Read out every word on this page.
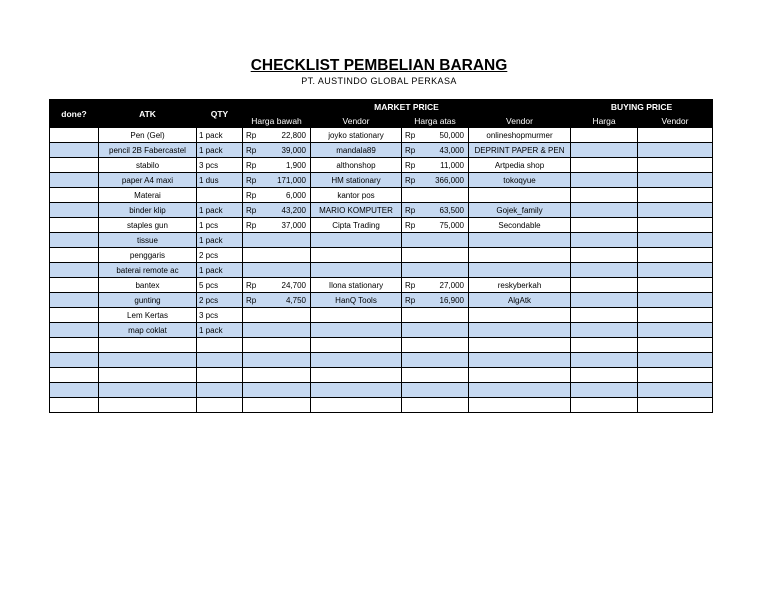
CHECKLIST PEMBELIAN BARANG
PT. AUSTINDO GLOBAL PERKASA
done?	ATK	QTY	MARKET PRICE				BUYING PRICE	
			Harga bawah	Vendor	Harga atas	Vendor	Harga	Vendor
	Pen (Gel)	1 pack	Rp 22,800	joyko stationary	Rp 50,000	onlineshopmurmer		
	pencil 2B Fabercastel	1 pack	Rp 39,000	mandala89	Rp 43,000	DEPRINT PAPER & PEN		
	stabilo	3 pcs	Rp 1,900	althonshop	Rp 11,000	Artpedia shop		
	paper A4 maxi	1 dus	Rp 171,000	HM stationary	Rp 366,000	tokoqyue		
	Materai		Rp 6,000	kantor pos	

	binder klip	1 pack	Rp 43,200	MARIO KOMPUTER	Rp 63,500	Gojek_family		
	staples gun	1 pcs	Rp 37,000	Cipta Trading	Rp 75,000	Secondable		
	tissue	1 pack	

	penggaris	2 pcs	

	baterai remote ac	1 pack	

	bantex	5 pcs	Rp 24,700	Ilona stationary	Rp 27,000	reskyberkah		
	gunting	2 pcs	Rp 4,750	HanQ Tools	Rp 16,900	AlgAtk		
	Lem Kertas	3 pcs	

	map coklat	1 pack	
